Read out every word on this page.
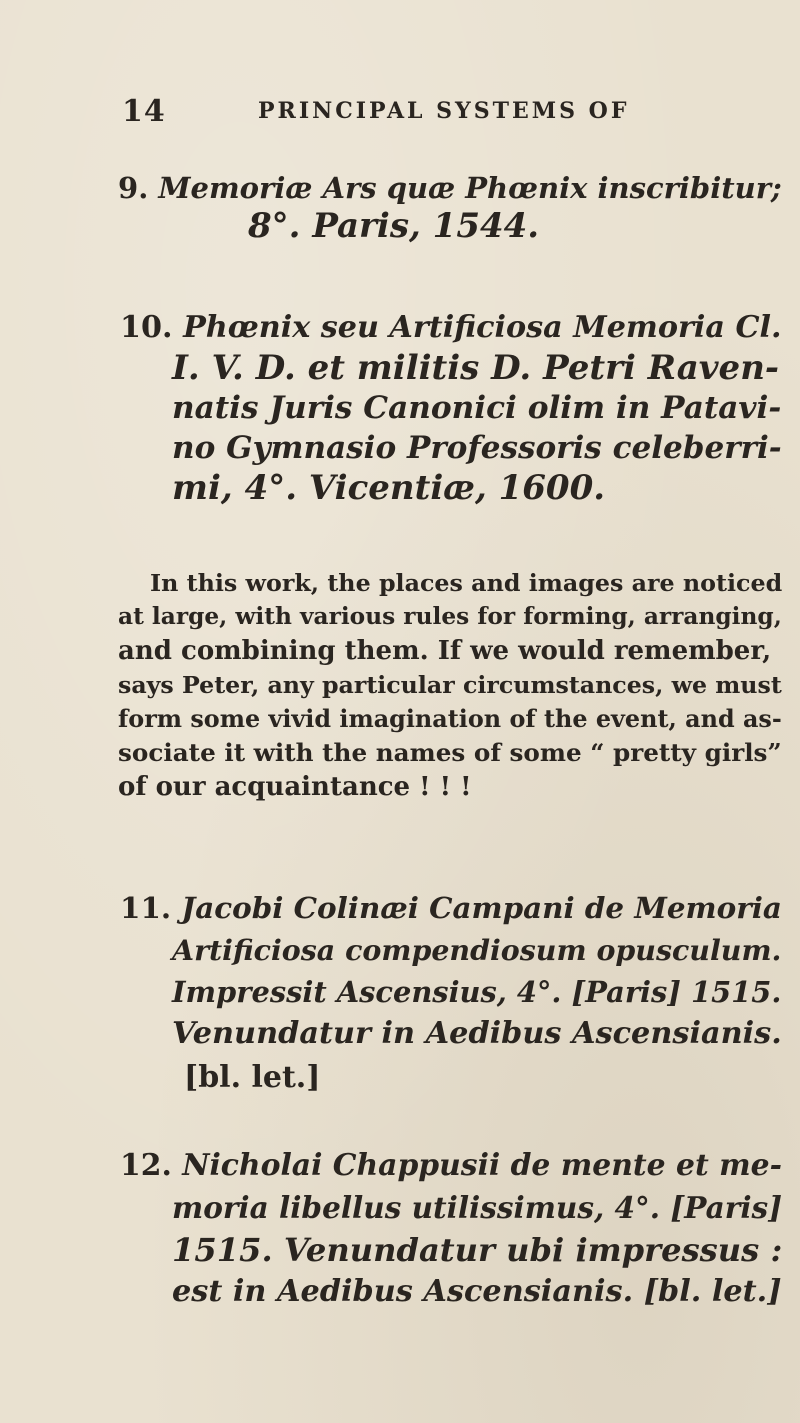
14	PRINCIPAL SYSTEMS OF
9. Memoriæ Ars quæ Phœnix inscribitur;
8°. Paris, 1544.
10. Phœnix seu Artificiosa Memoria Cl.
I. V. D. et militis D. Petri Raven-
natis Juris Canonici olim in Patavi-
no Gymnasio Professoris celeberri-
mi, 4°. Vicentiæ, 1600.
In this work, the places and images are noticed
at large, with various rules for forming, arranging,
and combining them. If we would remember,
says Peter, any particular circumstances, we must
form some vivid imagination of the event, and as-
sociate it with the names of some “ pretty girls”
of our acquaintance ! ! !
11. Jacobi Colinæi Campani de Memoria
Artificiosa compendiosum opusculum.
Impressit Ascensius, 4°. [Paris] 1515.
Venundatur in Aedibus Ascensianis.
[bl. let.]
12. Nicholai Chappusii de mente et me-
moria libellus utilissimus, 4°. [Paris]
1515. Venundatur ubi impressus :
est in Aedibus Ascensianis. [bl. let.]
